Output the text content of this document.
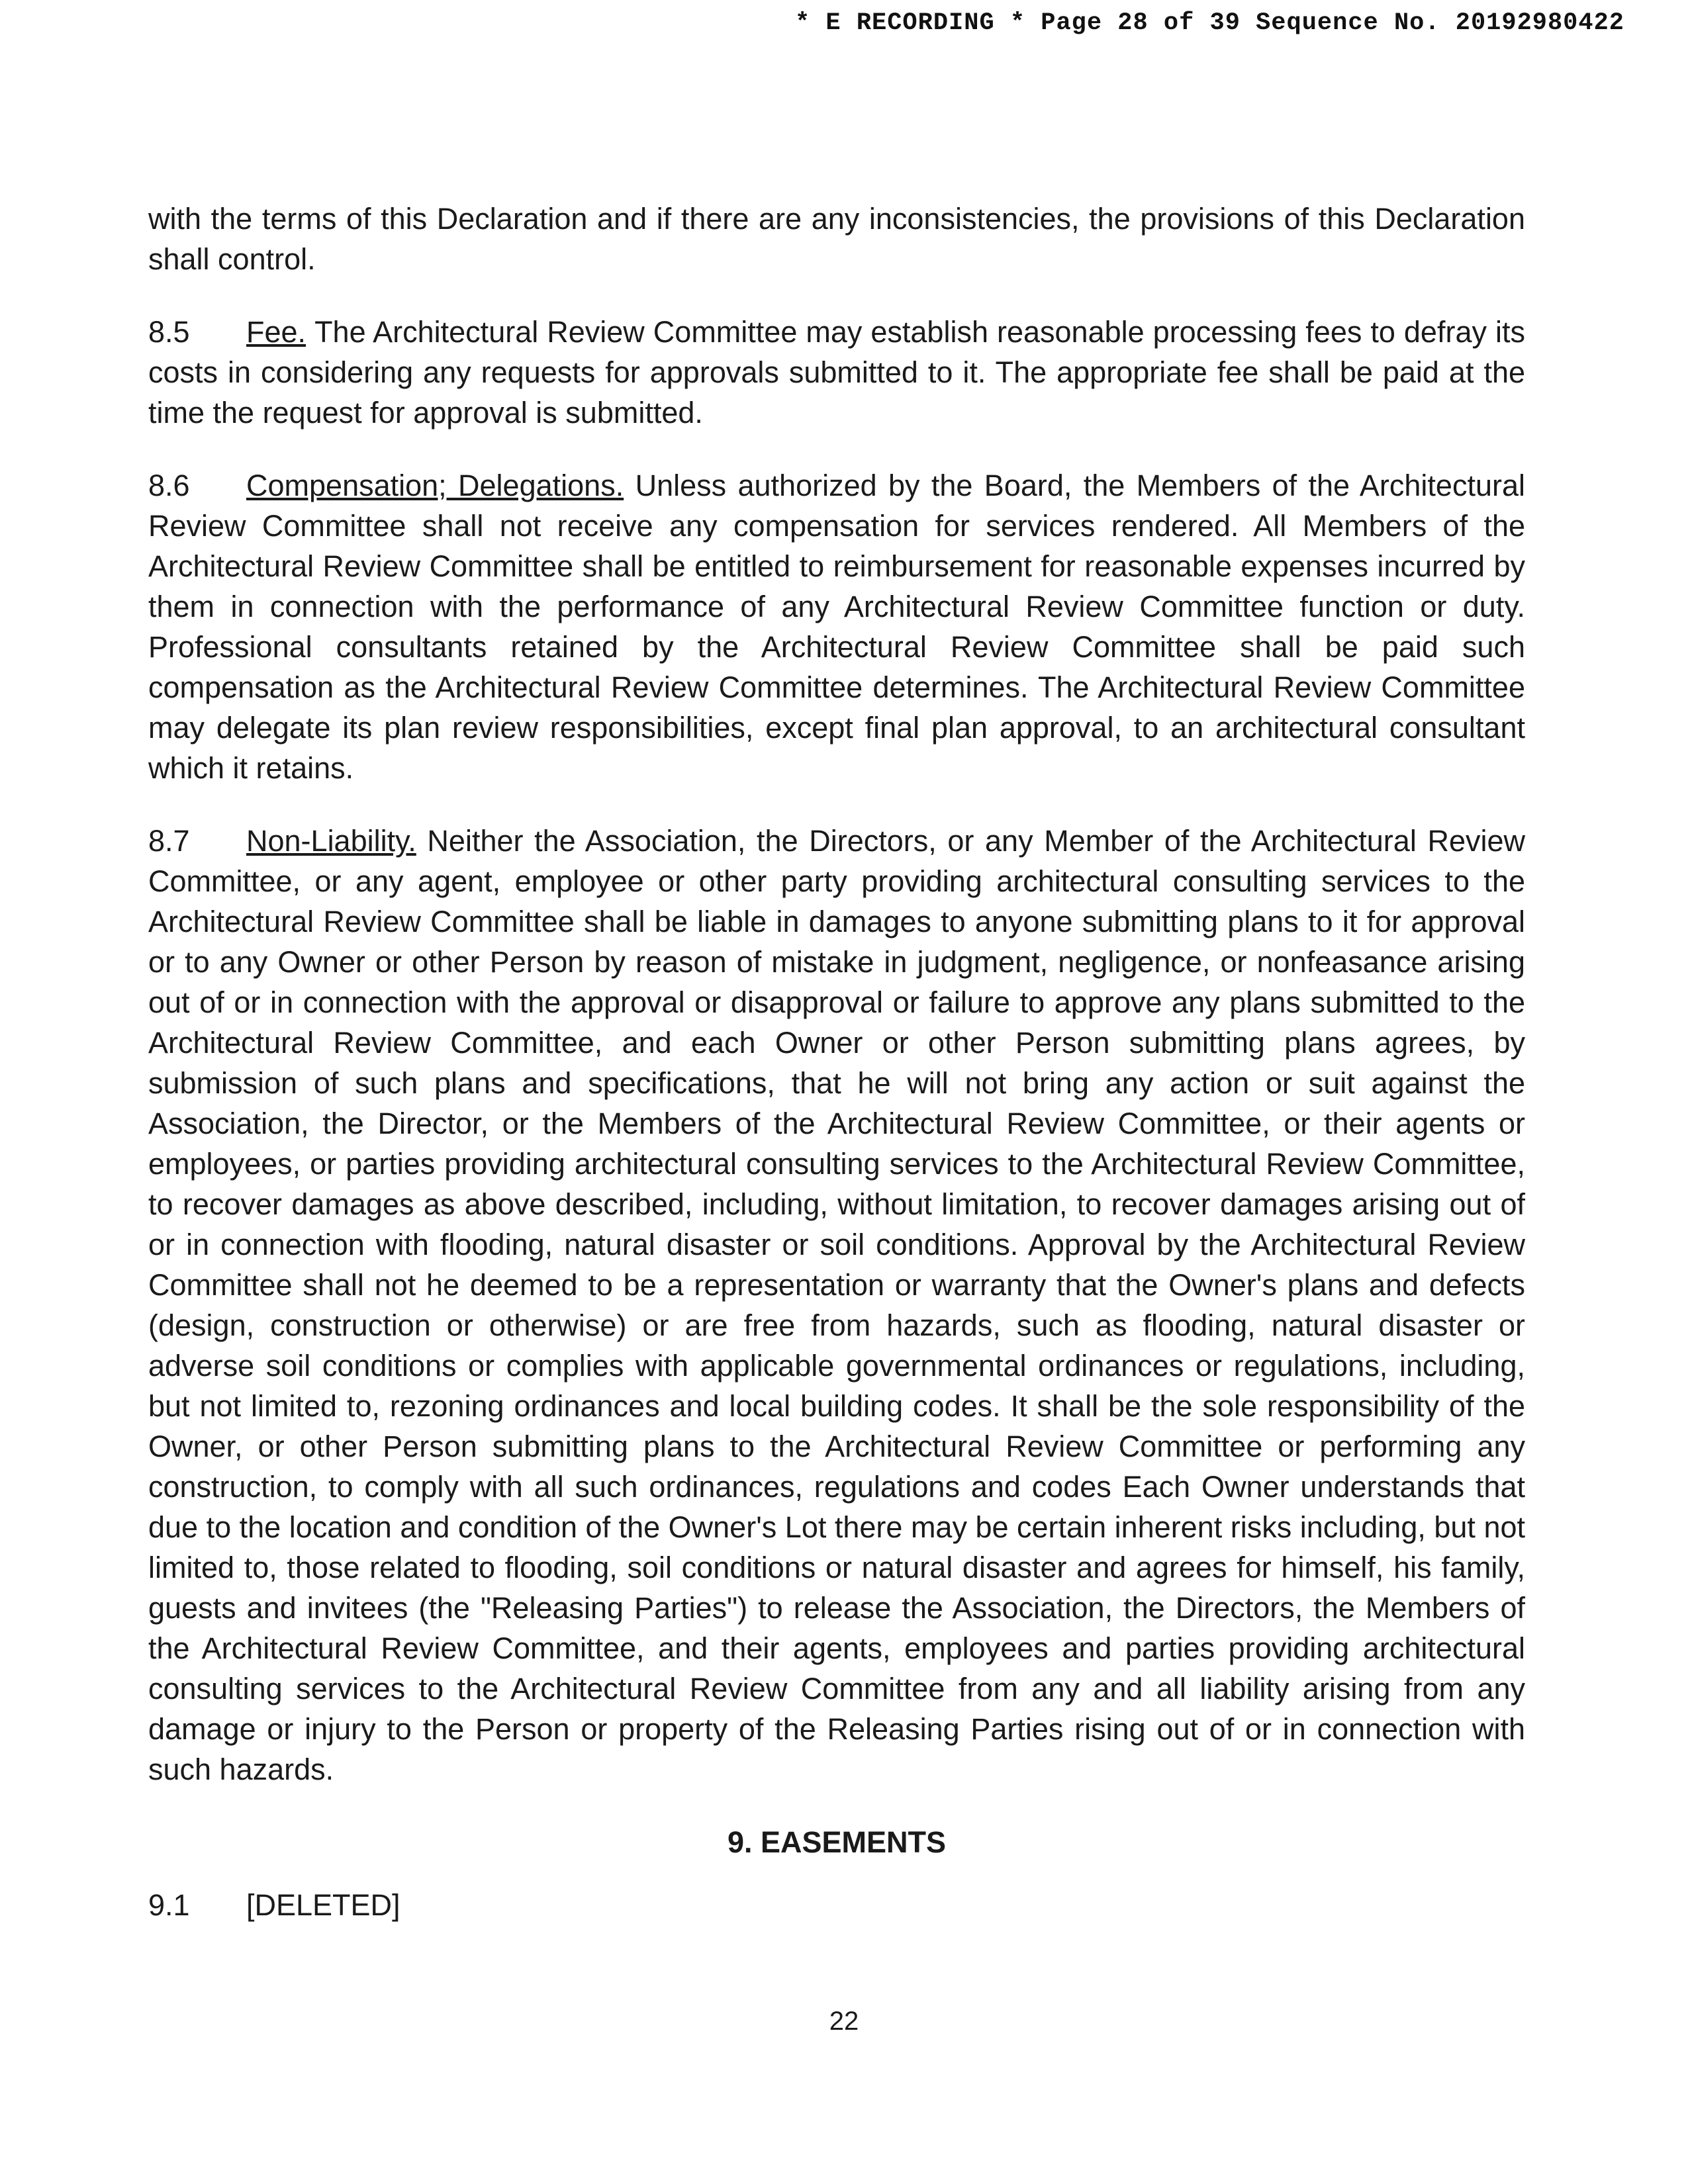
* E RECORDING * Page 28 of 39 Sequence No. 20192980422

with the terms of this Declaration and if there are any inconsistencies, the provisions of this Declaration shall control.

8.5 Fee. The Architectural Review Committee may establish reasonable processing fees to defray its costs in considering any requests for approvals submitted to it. The appropriate fee shall be paid at the time the request for approval is submitted.

8.6 Compensation; Delegations. Unless authorized by the Board, the Members of the Architectural Review Committee shall not receive any compensation for services rendered. All Members of the Architectural Review Committee shall be entitled to reimbursement for reasonable expenses incurred by them in connection with the performance of any Architectural Review Committee function or duty. Professional consultants retained by the Architectural Review Committee shall be paid such compensation as the Architectural Review Committee determines. The Architectural Review Committee may delegate its plan review responsibilities, except final plan approval, to an architectural consultant which it retains.

8.7 Non-Liability. Neither the Association, the Directors, or any Member of the Architectural Review Committee, or any agent, employee or other party providing architectural consulting services to the Architectural Review Committee shall be liable in damages to anyone submitting plans to it for approval or to any Owner or other Person by reason of mistake in judgment, negligence, or nonfeasance arising out of or in connection with the approval or disapproval or failure to approve any plans submitted to the Architectural Review Committee, and each Owner or other Person submitting plans agrees, by submission of such plans and specifications, that he will not bring any action or suit against the Association, the Director, or the Members of the Architectural Review Committee, or their agents or employees, or parties providing architectural consulting services to the Architectural Review Committee, to recover damages as above described, including, without limitation, to recover damages arising out of or in connection with flooding, natural disaster or soil conditions. Approval by the Architectural Review Committee shall not he deemed to be a representation or warranty that the Owner's plans and defects (design, construction or otherwise) or are free from hazards, such as flooding, natural disaster or adverse soil conditions or complies with applicable governmental ordinances or regulations, including, but not limited to, rezoning ordinances and local building codes. It shall be the sole responsibility of the Owner, or other Person submitting plans to the Architectural Review Committee or performing any construction, to comply with all such ordinances, regulations and codes Each Owner understands that due to the location and condition of the Owner's Lot there may be certain inherent risks including, but not limited to, those related to flooding, soil conditions or natural disaster and agrees for himself, his family, guests and invitees (the "Releasing Parties") to release the Association, the Directors, the Members of the Architectural Review Committee, and their agents, employees and parties providing architectural consulting services to the Architectural Review Committee from any and all liability arising from any damage or injury to the Person or property of the Releasing Parties rising out of or in connection with such hazards.

9. EASEMENTS

9.1 [DELETED]

22
